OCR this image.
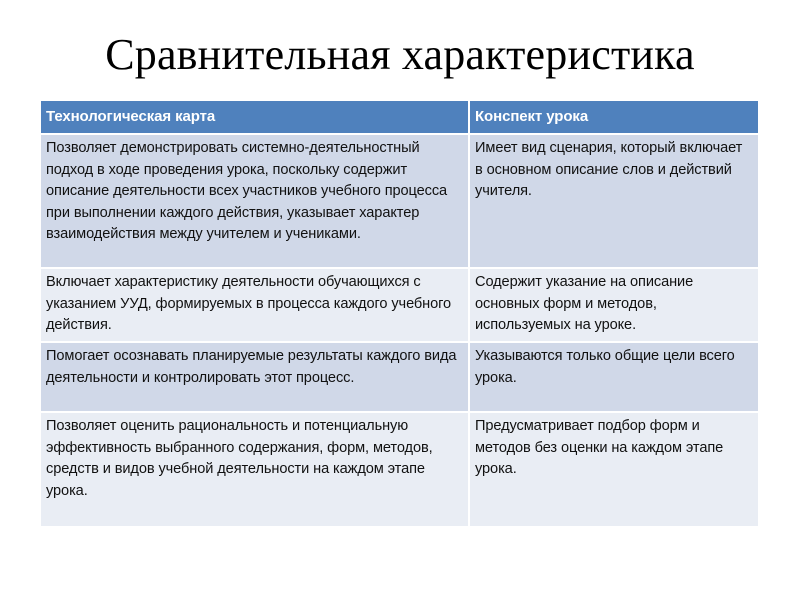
Сравнительная характеристика
Технологическая карта	Конспект урока
Позволяет демонстрировать системно-деятельностный подход в ходе проведения урока, поскольку содержит описание деятельности всех участников учебного процесса при выполнении каждого действия, указывает характер взаимодействия между учителем и учениками.
Имеет вид сценария, который включает в основном описание слов и действий учителя.
Включает характеристику деятельности обучающихся с указанием УУД, формируемых в процесса каждого учебного действия.
Содержит указание на описание основных форм и методов, используемых на уроке.
Помогает осознавать планируемые результаты каждого вида деятельности и контролировать этот процесс.
Указываются только общие цели всего урока.
Позволяет оценить рациональность и потенциальную эффективность выбранного содержания, форм, методов, средств и видов учебной деятельности на каждом этапе урока.
Предусматривает подбор форм и методов без оценки на каждом этапе урока.
